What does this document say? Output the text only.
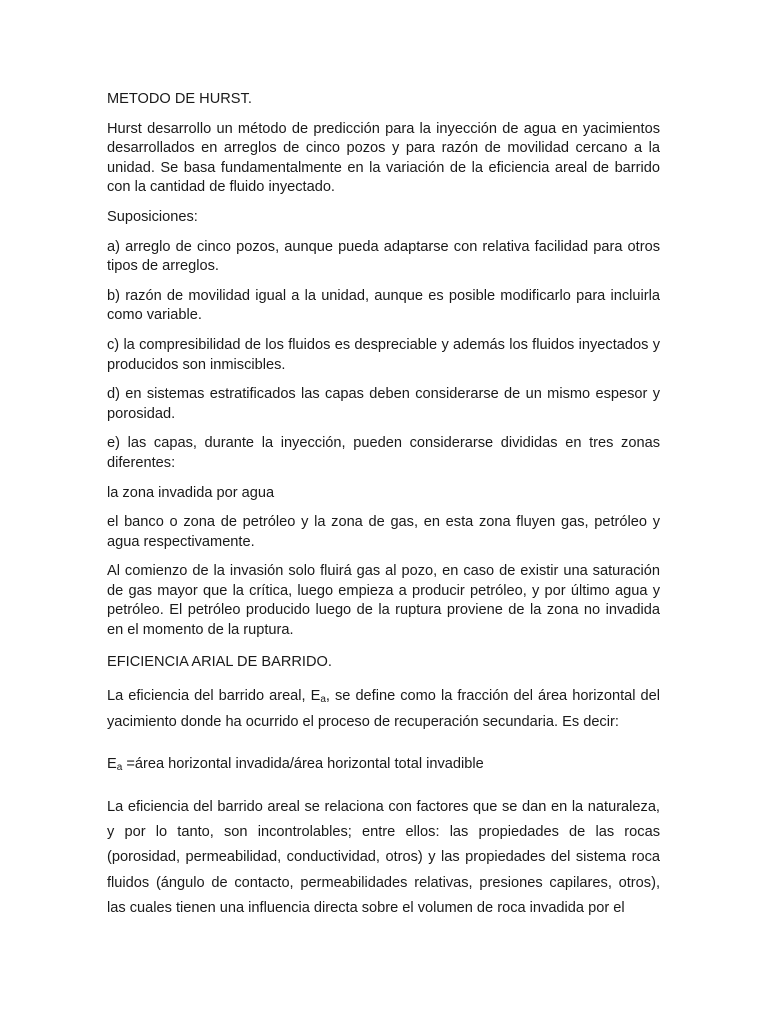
METODO DE HURST.

Hurst desarrollo un método de predicción para la inyección de agua en yacimientos desarrollados en arreglos de cinco pozos y para razón de movilidad cercano a la unidad. Se basa fundamentalmente en la variación de la eficiencia areal de barrido con la cantidad de fluido inyectado.

Suposiciones:

a) arreglo de cinco pozos, aunque pueda adaptarse con relativa facilidad para otros tipos de arreglos.

b) razón de movilidad igual a la unidad, aunque es posible modificarlo para incluirla como variable.

c) la compresibilidad de los fluidos es despreciable y además los fluidos inyectados y producidos son inmiscibles.

d) en sistemas estratificados las capas deben considerarse de un mismo espesor y porosidad.

e) las capas, durante la inyección, pueden considerarse divididas en tres zonas diferentes:

la zona invadida por agua

el banco o zona de petróleo y la zona de gas, en esta zona fluyen gas, petróleo y agua respectivamente.

Al comienzo de la invasión solo fluirá gas al pozo, en caso de existir una saturación de gas mayor que la crítica, luego empieza a producir petróleo, y por último agua y petróleo. El petróleo producido luego de la ruptura proviene de la zona no invadida en el momento de la ruptura.

EFICIENCIA ARIAL DE BARRIDO.

La eficiencia del barrido areal, $E_a$, se define como la fracción del área horizontal del yacimiento donde ha ocurrido el proceso de recuperación secundaria. Es decir:

$E_a$ =área horizontal invadida/área horizontal total invadible

La eficiencia del barrido areal se relaciona con factores que se dan en la naturaleza, y por lo tanto, son incontrolables; entre ellos: las propiedades de las rocas (porosidad, permeabilidad, conductividad, otros) y las propiedades del sistema roca fluidos (ángulo de contacto, permeabilidades relativas, presiones capilares, otros), las cuales tienen una influencia directa sobre el volumen de roca invadida por el
